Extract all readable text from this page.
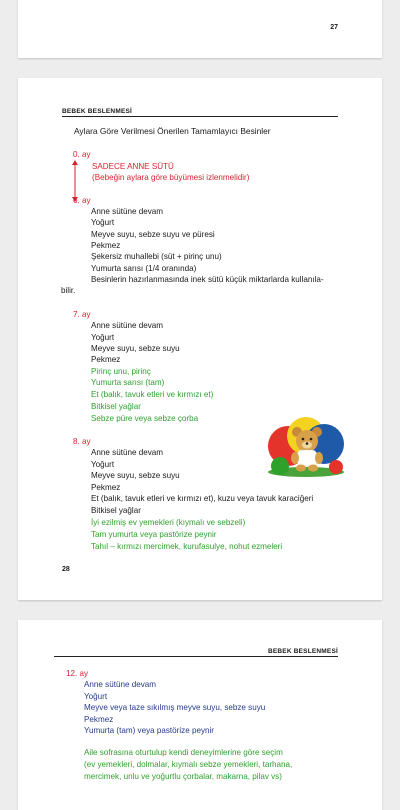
27
BEBEK BESLENMESİ
Aylara Göre Verilmesi Önerilen Tamamlayıcı Besinler
0. ay
SADECE ANNE SÜTÜ
(Bebeğin aylara göre büyümesi izlenmelidir)
6. ay
Anne sütüne devam
Yoğurt
Meyve suyu, sebze suyu ve püresi
Pekmez
Şekersiz muhallebi (süt + pirinç unu)
Yumurta sarısı (1/4 oranında)
Besinlerin hazırlanmasında inek sütü küçük miktarlarda kullanıla-
bilir.
7. ay
Anne sütüne devam
Yoğurt
Meyve suyu, sebze suyu
Pekmez
Pirinç unu, pirinç
Yumurta sarısı (tam)
Et (balık, tavuk etleri ve kırmızı et)
Bitkisel yağlar
Sebze püre veya sebze çorba
8. ay
Anne sütüne devam
Yoğurt
Meyve suyu, sebze suyu
Pekmez
Et (balık, tavuk etleri ve kırmızı et), kuzu veya tavuk karaciğeri
Bitkisel yağlar
İyi ezilmiş ev yemekleri (kıymalı ve sebzeli)
Tam yumurta veya pastörize peynir
Tahıl – kırmızı mercimek, kurufasulye, nohut ezmeleri
28
BEBEK BESLENMESİ
12. ay
Anne sütüne devam
Yoğurt
Meyve veya taze sıkılmış meyve suyu, sebze suyu
Pekmez
Yumurta (tam) veya pastörize peynir
Aile sofrasına oturtulup kendi deneyimlerine göre seçim
(ev yemekleri, dolmalar, kıymalı sebze yemekleri, tarhana,
mercimek, unlu ve yoğurtlu çorbalar, makarna, pilav vs)
